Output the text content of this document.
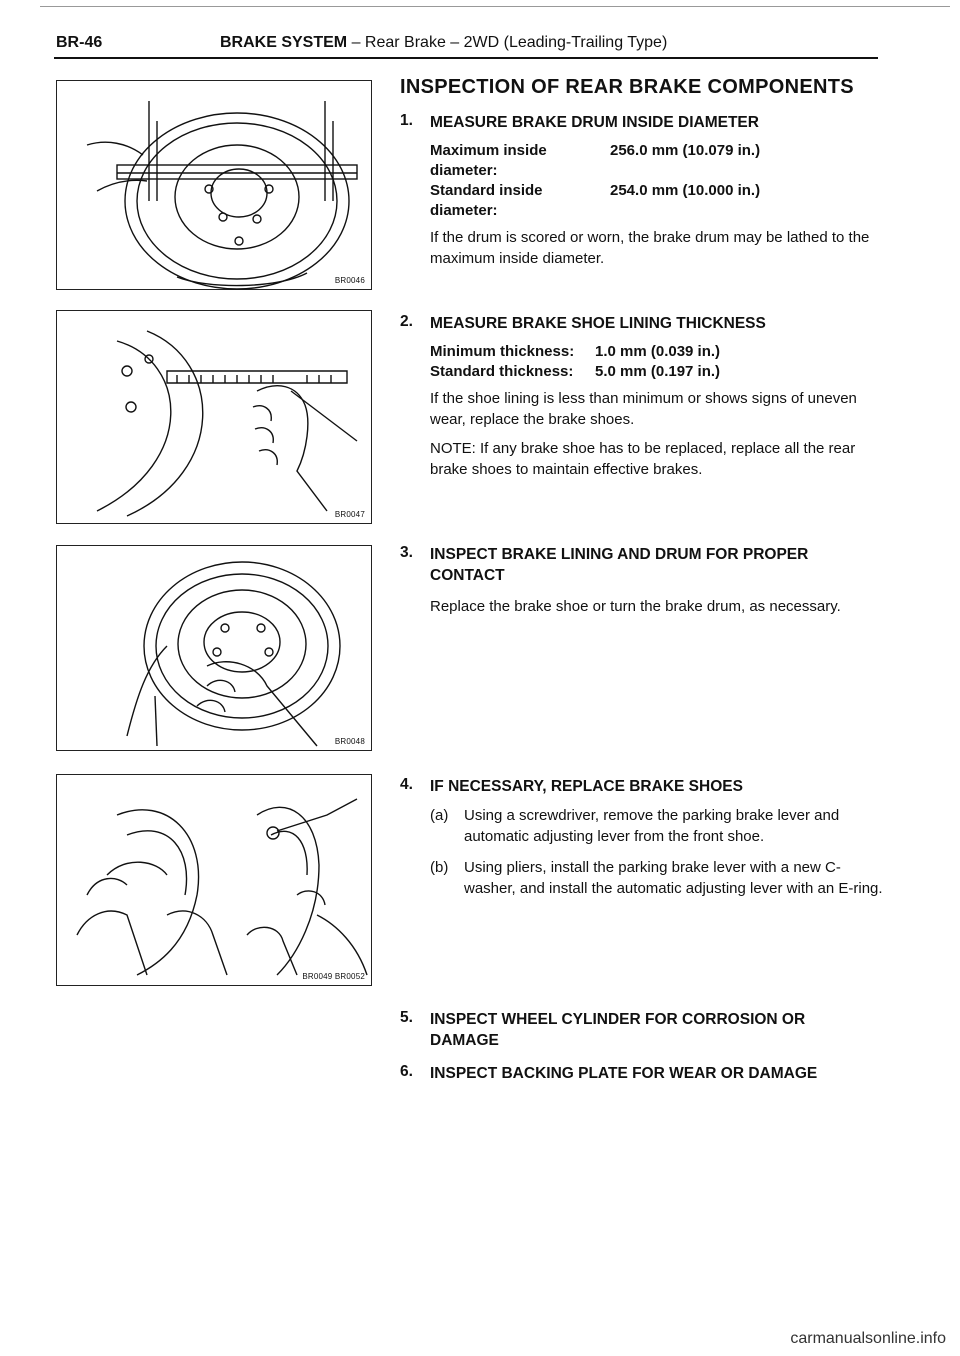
BR-46	BRAKE SYSTEM – Rear Brake – 2WD (Leading-Trailing Type)
BR0046
BR0047
BR0048
BR0049 BR0052
INSPECTION OF REAR BRAKE COMPONENTS
1. MEASURE BRAKE DRUM INSIDE DIAMETER
Maximum inside diameter:
256.0 mm (10.079 in.)
Standard inside diameter:
254.0 mm (10.000 in.)
If the drum is scored or worn, the brake drum may be lathed to the maximum inside diameter.
2. MEASURE BRAKE SHOE LINING THICKNESS
Minimum thickness:	1.0 mm (0.039 in.)
Standard thickness:	5.0 mm (0.197 in.)
If the shoe lining is less than minimum or shows signs of uneven wear, replace the brake shoes.
NOTE: If any brake shoe has to be replaced, replace all the rear brake shoes to maintain effective brakes.
3. INSPECT BRAKE LINING AND DRUM FOR PROPER CONTACT
Replace the brake shoe or turn the brake drum, as necessary.
4. IF NECESSARY, REPLACE BRAKE SHOES
(a)	Using a screwdriver, remove the parking brake lever and automatic adjusting lever from the front shoe.
(b)	Using pliers, install the parking brake lever with a new C-washer, and install the automatic adjusting lever with an E-ring.
5. INSPECT WHEEL CYLINDER FOR CORROSION OR DAMAGE
6. INSPECT BACKING PLATE FOR WEAR OR DAMAGE
carmanualsonline.info
